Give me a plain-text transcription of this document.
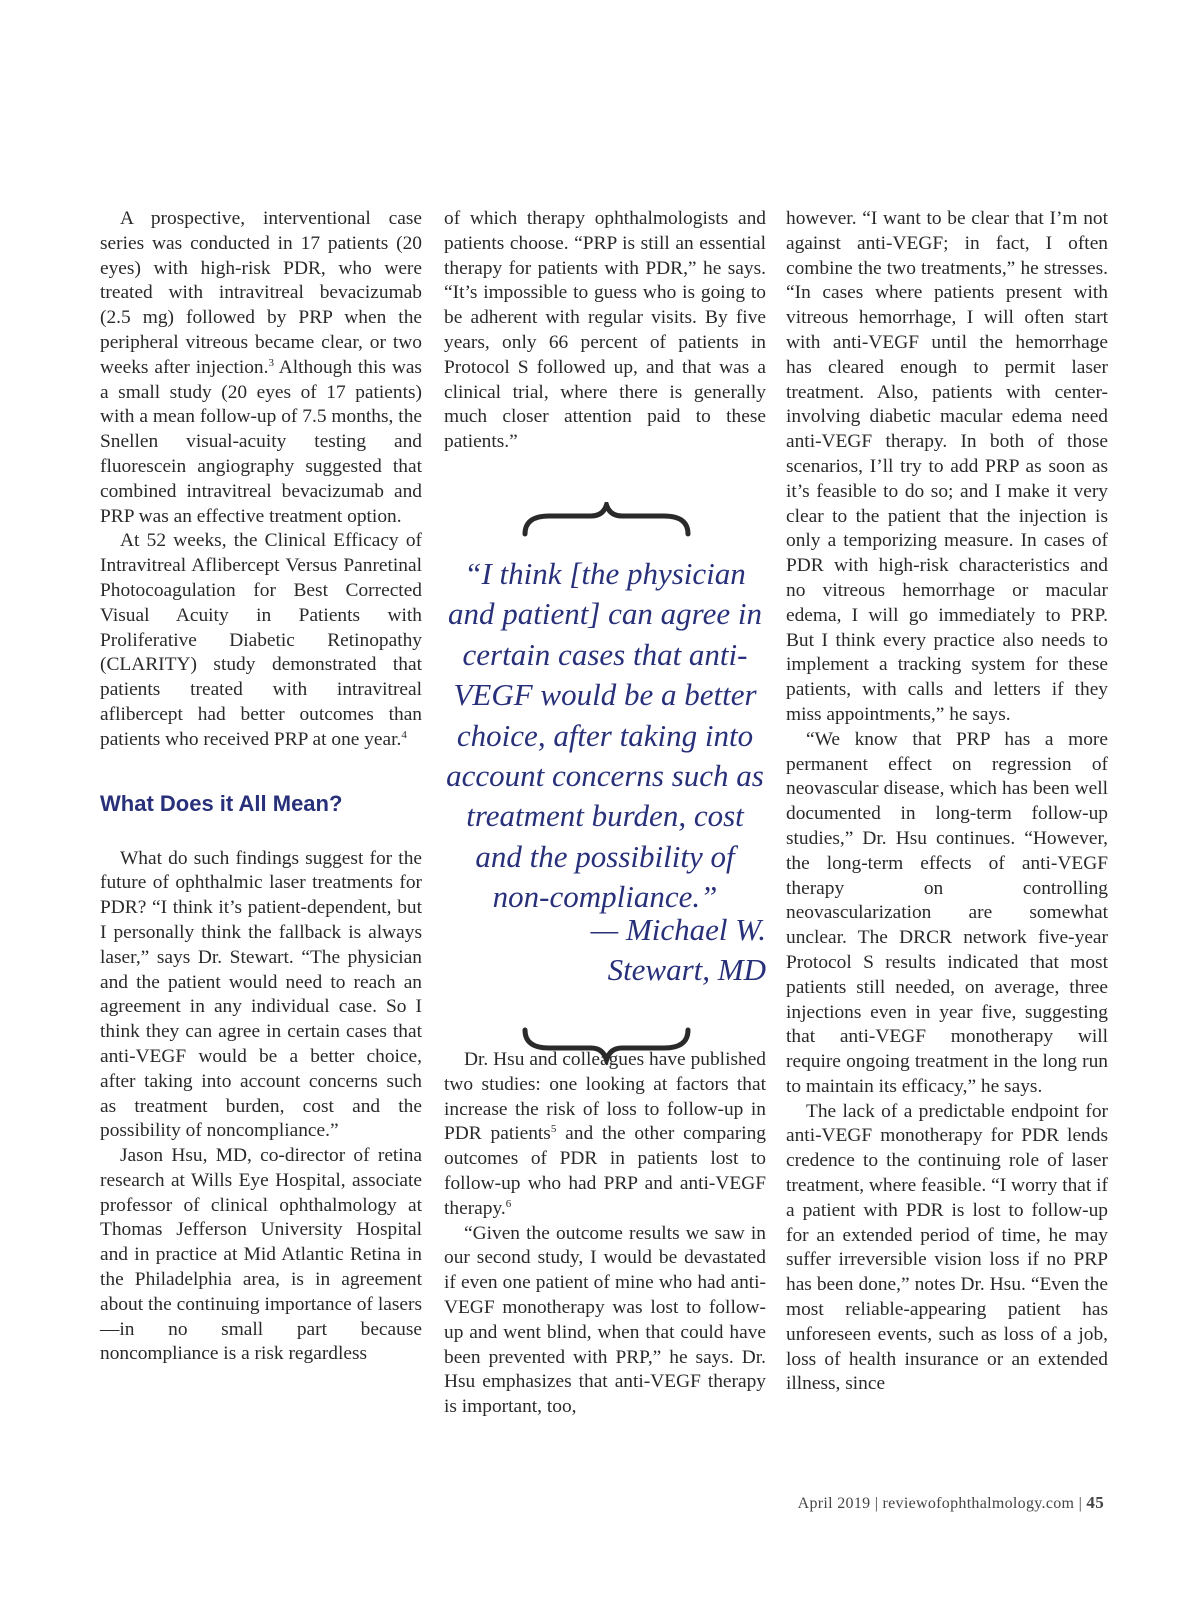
A prospective, interventional case series was conducted in 17 patients (20 eyes) with high-risk PDR, who were treated with intravitreal bevacizumab (2.5 mg) followed by PRP when the peripheral vitreous became clear, or two weeks after injection.$^3$ Although this was a small study (20 eyes of 17 patients) with a mean follow-up of 7.5 months, the Snellen visual-acuity testing and fluorescein angiography suggested that combined intravitreal bevacizumab and PRP was an effective treatment option.

At 52 weeks, the Clinical Efficacy of Intravitreal Aflibercept Versus Panretinal Photocoagulation for Best Corrected Visual Acuity in Patients with Proliferative Diabetic Retinopathy (CLARITY) study demonstrated that patients treated with intravitreal aflibercept had better outcomes than patients who received PRP at one year.$^4$

What Does it All Mean?

What do such findings suggest for the future of ophthalmic laser treatments for PDR? “I think it’s patient-dependent, but I personally think the fallback is always laser,” says Dr. Stewart. “The physician and the patient would need to reach an agreement in any individual case. So I think they can agree in certain cases that anti-VEGF would be a better choice, after taking into account concerns such as treatment burden, cost and the possibility of noncompliance.”

Jason Hsu, MD, co-director of retina research at Wills Eye Hospital, associate professor of clinical ophthalmology at Thomas Jefferson University Hospital and in practice at Mid Atlantic Retina in the Philadelphia area, is in agreement about the continuing importance of lasers—in no small part because noncompliance is a risk regardless

of which therapy ophthalmologists and patients choose. “PRP is still an essential therapy for patients with PDR,” he says. “It’s impossible to guess who is going to be adherent with regular visits. By five years, only 66 percent of patients in Protocol S followed up, and that was a clinical trial, where there is generally much closer attention paid to these patients.”

Dr. Hsu and colleagues have published two studies: one looking at factors that increase the risk of loss to follow-up in PDR patients$^5$ and the other comparing outcomes of PDR in patients lost to follow-up who had PRP and anti-VEGF therapy.$^6$

“Given the outcome results we saw in our second study, I would be devastated if even one patient of mine who had anti-VEGF monotherapy was lost to follow-up and went blind, when that could have been prevented with PRP,” he says. Dr. Hsu emphasizes that anti-VEGF therapy is important, too,

“I think [the physician and patient] can agree in certain cases that anti-VEGF would be a better choice, after taking into account concerns such as treatment burden, cost and the possibility of non-compliance.”

— Michael W.
Stewart, MD

however. “I want to be clear that I’m not against anti-VEGF; in fact, I often combine the two treatments,” he stresses. “In cases where patients present with vitreous hemorrhage, I will often start with anti-VEGF until the hemorrhage has cleared enough to permit laser treatment. Also, patients with center-involving diabetic macular edema need anti-VEGF therapy. In both of those scenarios, I’ll try to add PRP as soon as it’s feasible to do so; and I make it very clear to the patient that the injection is only a temporizing measure. In cases of PDR with high-risk characteristics and no vitreous hemorrhage or macular edema, I will go immediately to PRP. But I think every practice also needs to implement a tracking system for these patients, with calls and letters if they miss appointments,” he says.

“We know that PRP has a more permanent effect on regression of neovascular disease, which has been well documented in long-term follow-up studies,” Dr. Hsu continues. “However, the long-term effects of anti-VEGF therapy on controlling neovascularization are somewhat unclear. The DRCR network five-year Protocol S results indicated that most patients still needed, on average, three injections even in year five, suggesting that anti-VEGF monotherapy will require ongoing treatment in the long run to maintain its efficacy,” he says.

The lack of a predictable endpoint for anti-VEGF monotherapy for PDR lends credence to the continuing role of laser treatment, where feasible. “I worry that if a patient with PDR is lost to follow-up for an extended period of time, he may suffer irreversible vision loss if no PRP has been done,” notes Dr. Hsu. “Even the most reliable-appearing patient has unforeseen events, such as loss of a job, loss of health insurance or an extended illness, since

April 2019 | reviewofophthalmology.com | 45
